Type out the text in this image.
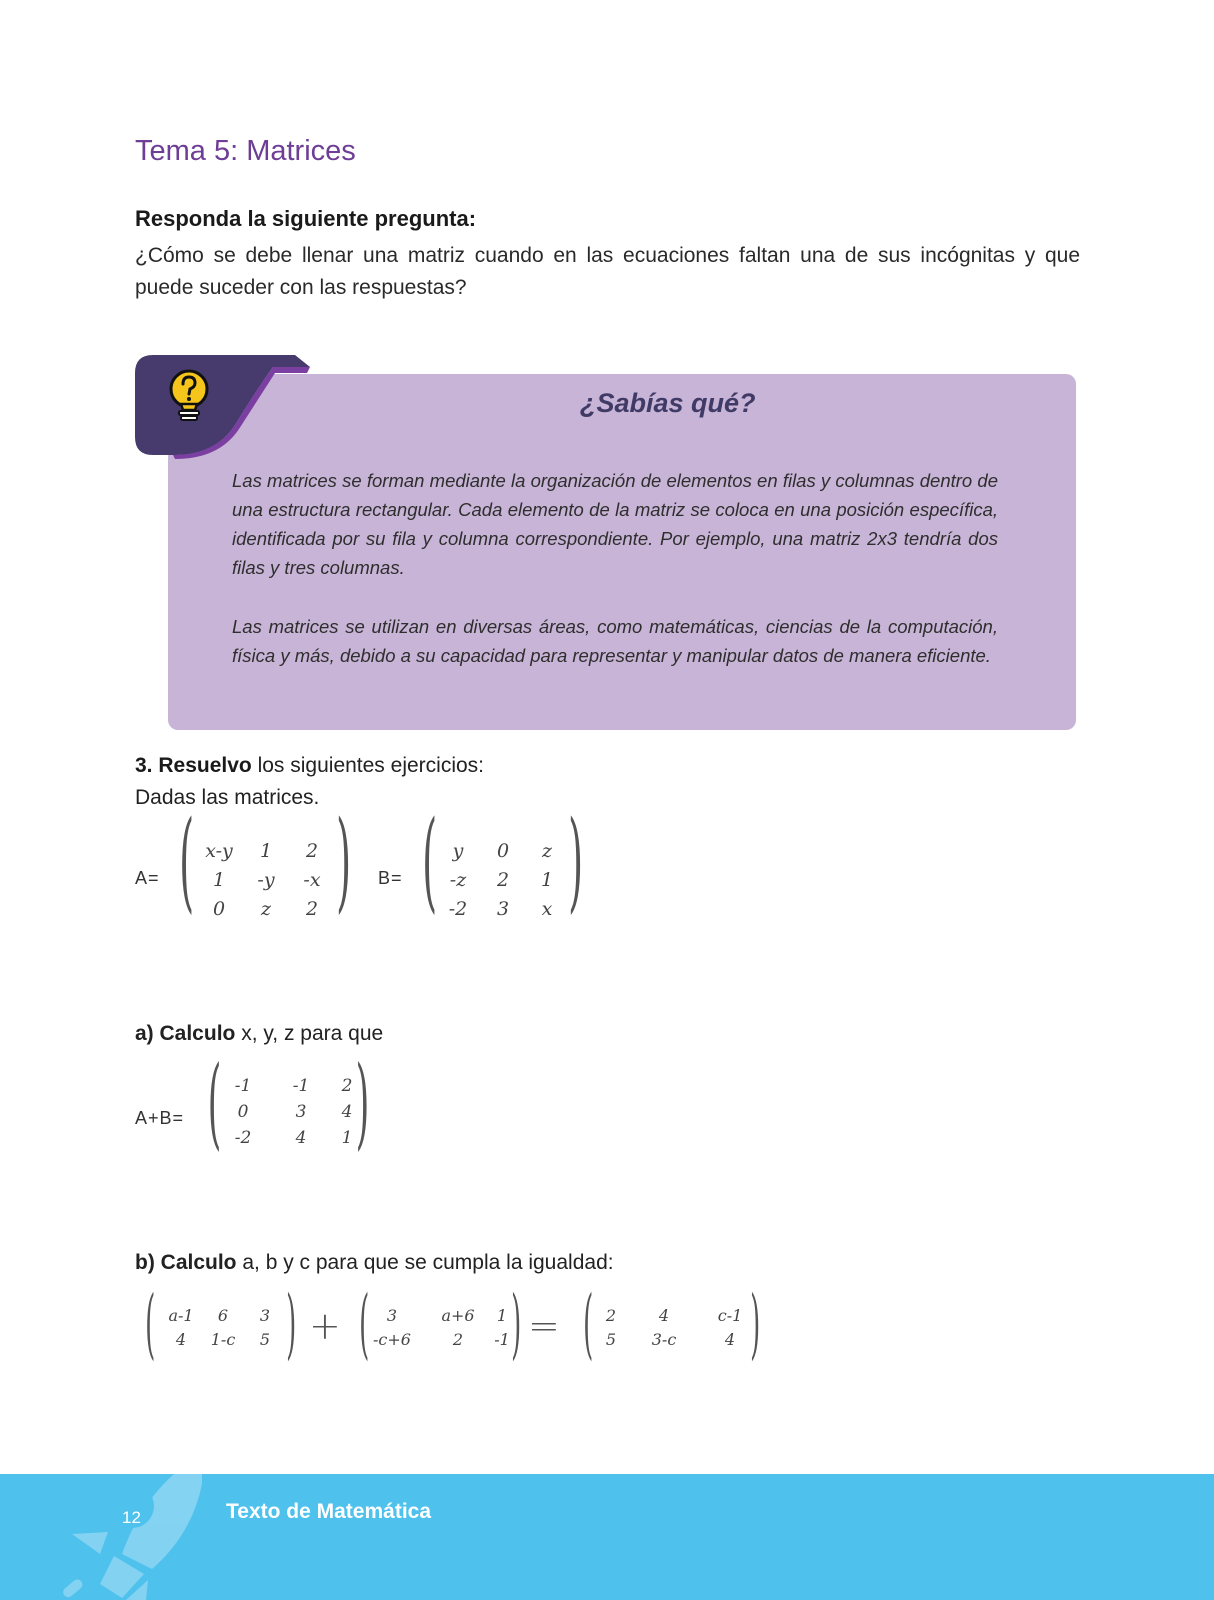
Tema 5: Matrices
Responda la siguiente pregunta:
¿Cómo se debe llenar una matriz cuando en las ecuaciones faltan una de sus incógnitas y que puede suceder con las respuestas?
¿Sabías qué?

Las matrices se forman mediante la organización de elementos en filas y columnas dentro de una estructura rectangular. Cada elemento de la matriz se coloca en una posición específica, identificada por su fila y columna correspondiente. Por ejemplo, una matriz 2x3 tendría dos filas y tres columnas.

Las matrices se utilizan en diversas áreas, como matemáticas, ciencias de la computación, física y más, debido a su capacidad para representar y manipular datos de manera eficiente.

3. Resuelvo los siguientes ejercicios:
Dadas las matrices.
A= ( )
x-y 1 2
1 -y -x
0 z 2
B= ( )
y 0 z
-z 2 1
-2 3 x
a) Calculo x, y, z para que
A+B= ( )
-1 -1 2
0	3 4
-2	4 1
b) Calculo a, b y c para que se cumpla la igualdad:
(	)
a-1 6 3
4 1-c 5 + (	)
3	a+6 1
-c+6	2 -1 = (	)
2	4	c-1
5 3-c	4
12	Texto de Matemática
